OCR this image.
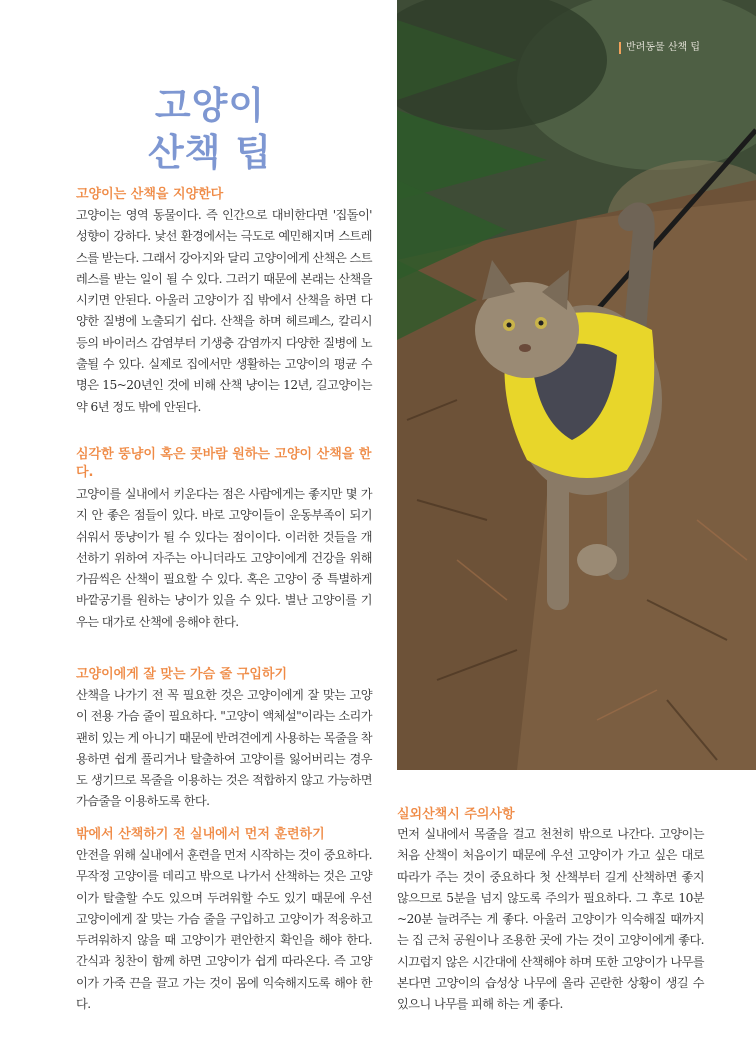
반려동물 산책 팁
고양이
산책 팁
고양이는 산책을 지양한다

고양이는 영역 동물이다. 즉 인간으로 대비한다면 '집돌이' 성향이 강하다. 낯선 환경에서는 극도로 예민해지며 스트레스를 받는다. 그래서 강아지와 달리 고양이에게 산책은 스트레스를 받는 일이 될 수 있다. 그러기 때문에 본래는 산책을 시키면 안된다. 아울러 고양이가 집 밖에서 산책을 하면 다양한 질병에 노출되기 쉽다. 산책을 하며 헤르페스, 칼리시 등의 바이러스 감염부터 기생충 감염까지 다양한 질병에 노출될 수 있다. 실제로 집에서만 생활하는 고양이의 평균 수명은 15~20년인 것에 비해 산책 냥이는 12년, 길고양이는 약 6년 정도 밖에 안된다.

심각한 뚱냥이 혹은 콧바람 원하는 고양이 산책을 한다.

고양이를 실내에서 키운다는 점은 사람에게는 좋지만 몇 가지 안 좋은 점들이 있다. 바로 고양이들이 운동부족이 되기 쉬워서 뚱냥이가 될 수 있다는 점이이다. 이러한 것들을 개선하기 위하여 자주는 아니더라도 고양이에게 건강을 위해 가끔씩은 산책이 필요할 수 있다. 혹은 고양이 중 특별하게 바깥공기를 원하는 냥이가 있을 수 있다. 별난 고양이를 기우는 대가로 산책에 응해야 한다.

고양이에게 잘 맞는 가슴 줄 구입하기

산책을 나가기 전 꼭 필요한 것은 고양이에게 잘 맞는 고양이 전용 가슴 줄이 필요하다. "고양이 액체설"이라는 소리가 괜히 있는 게 아니기 때문에 반려견에게 사용하는 목줄을 착용하면 쉽게 풀리거나 탈출하여 고양이를 잃어버리는 경우도 생기므로 목줄을 이용하는 것은 적합하지 않고 가능하면 가슴줄을 이용하도록 한다.

밖에서 산책하기 전 실내에서 먼저 훈련하기

안전을 위해 실내에서 훈련을 먼저 시작하는 것이 중요하다. 무작정 고양이를 데리고 밖으로 나가서 산책하는 것은 고양이가 탈출할 수도 있으며 두려워할 수도 있기 때문에 우선 고양이에게 잘 맞는 가슴 줄을 구입하고 고양이가 적응하고 두려워하지 않을 때 고양이가 편안한지 확인을 해야 한다. 간식과 칭찬이 함께 하면 고양이가 쉽게 따라온다. 즉 고양이가 가죽 끈을 끌고 가는 것이 몸에 익숙해지도록 해야 한다.

실외산책시 주의사항

먼저 실내에서 목줄을 걸고 천천히 밖으로 나간다. 고양이는 처음 산책이 처음이기 때문에 우선 고양이가 가고 싶은 대로 따라가 주는 것이 중요하다 첫 산책부터 길게 산책하면 좋지 않으므로 5분을 넘지 않도록 주의가 필요하다. 그 후로 10분~20분 늘려주는 게 좋다. 아울러 고양이가 익숙해질 때까지는 집 근처 공원이나 조용한 곳에 가는 것이 고양이에게 좋다. 시끄럽지 않은 시간대에 산책해야 하며 또한 고양이가 나무를 본다면 고양이의 습성상 나무에 올라 곤란한 상황이 생길 수 있으니 나무를 피해 하는 게 좋다.
